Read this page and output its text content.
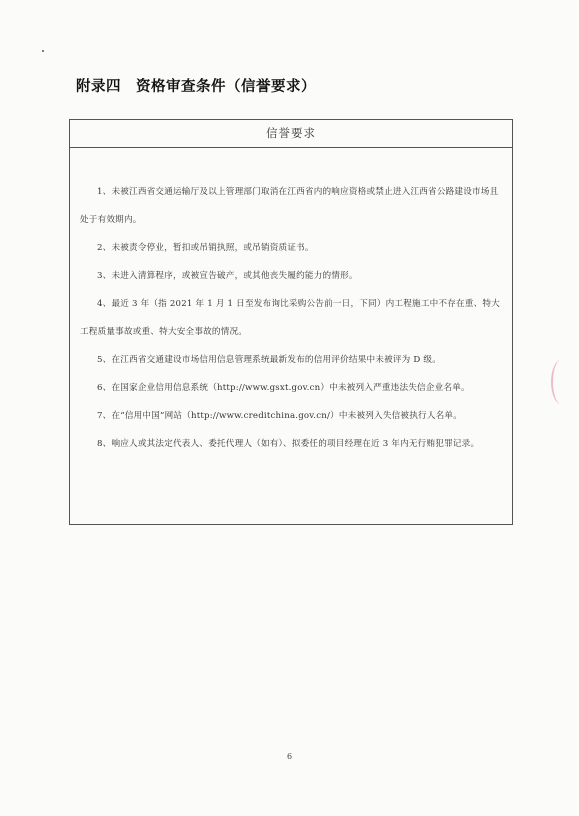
附录四　资格审查条件（信誉要求）
信誉要求

1、未被江西省交通运输厅及以上管理部门取消在江西省内的响应资格或禁止进入江西省公路建设市场且处于有效期内。

2、未被责令停业，暂扣或吊销执照，或吊销资质证书。

3、未进入清算程序，或被宣告破产，或其他丧失履约能力的情形。

4、最近 3 年（指 2021 年 1 月 1 日至发布询比采购公告前一日，下同）内工程施工中不存在重、特大工程质量事故或重、特大安全事故的情况。

5、在江西省交通建设市场信用信息管理系统最新发布的信用评价结果中未被评为 D 级。

6、在国家企业信用信息系统（http://www.gsxt.gov.cn）中未被列入严重违法失信企业名单。

7、在“信用中国”网站（http://www.creditchina.gov.cn/）中未被列入失信被执行人名单。

8、响应人或其法定代表人、委托代理人（如有）、拟委任的项目经理在近 3 年内无行贿犯罪记录。

6
